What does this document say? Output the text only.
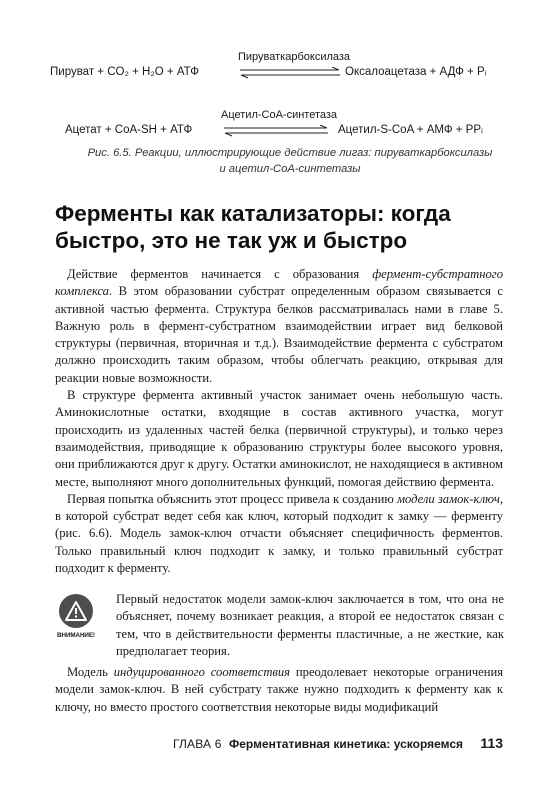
Пируваткарбоксилаза
Пируват + CO₂ + H₂O + АТФ	Оксалоацетаза + АДФ + Pᵢ
Ацетил-CoA-синтетаза
Ацетат + CoA-SH + АТФ	Ацетил-S-CoA + АМФ + PPᵢ
Рис. 6.5. Реакции, иллюстрирующие действие лигаз: пируваткарбоксилазы
и ацетил-CoA-синтетазы
Ферменты как катализаторы: когда
быстро, это не так уж и быстро

Действие ферментов начинается с образования фермент-субстратного комплекса. В этом образовании субстрат определенным образом связывается с активной частью фермента. Структура белков рассматривалась нами в главе 5. Важную роль в фермент-субстратном взаимодействии играет вид белковой структуры (первичная, вторичная и т.д.). Взаимодействие фермента с субстратом должно происходить таким образом, чтобы облегчать реакцию, открывая для реакции новые возможности.

В структуре фермента активный участок занимает очень небольшую часть. Аминокислотные остатки, входящие в состав активного участка, могут происходить из удаленных частей белка (первичной структуры), и только через взаимодействия, приводящие к образованию структуры более высокого уровня, они приближаются друг к другу. Остатки аминокислот, не находящиеся в активном месте, выполняют много дополнительных функций, помогая действию фермента.

Первая попытка объяснить этот процесс привела к созданию модели замок-ключ, в которой субстрат ведет себя как ключ, который подходит к замку — ферменту (рис. 6.6). Модель замок-ключ отчасти объясняет специфичность ферментов. Только правильный ключ подходит к замку, и только правильный субстрат подходит к ферменту.

ВНИМАНИЕ!

Первый недостаток модели замок-ключ заключается в том, что она не объясняет, почему возникает реакция, а второй ее недостаток связан с тем, что в действительности ферменты пластичные, а не жесткие, как предполагает теория.

Модель индуцированного соответствия преодолевает некоторые ограничения модели замок-ключ. В ней субстрату также нужно подходить к ферменту как к ключу, но вместо простого соответствия некоторые виды модификаций

ГЛАВА 6 Ферментативная кинетика: ускоряемся 113
